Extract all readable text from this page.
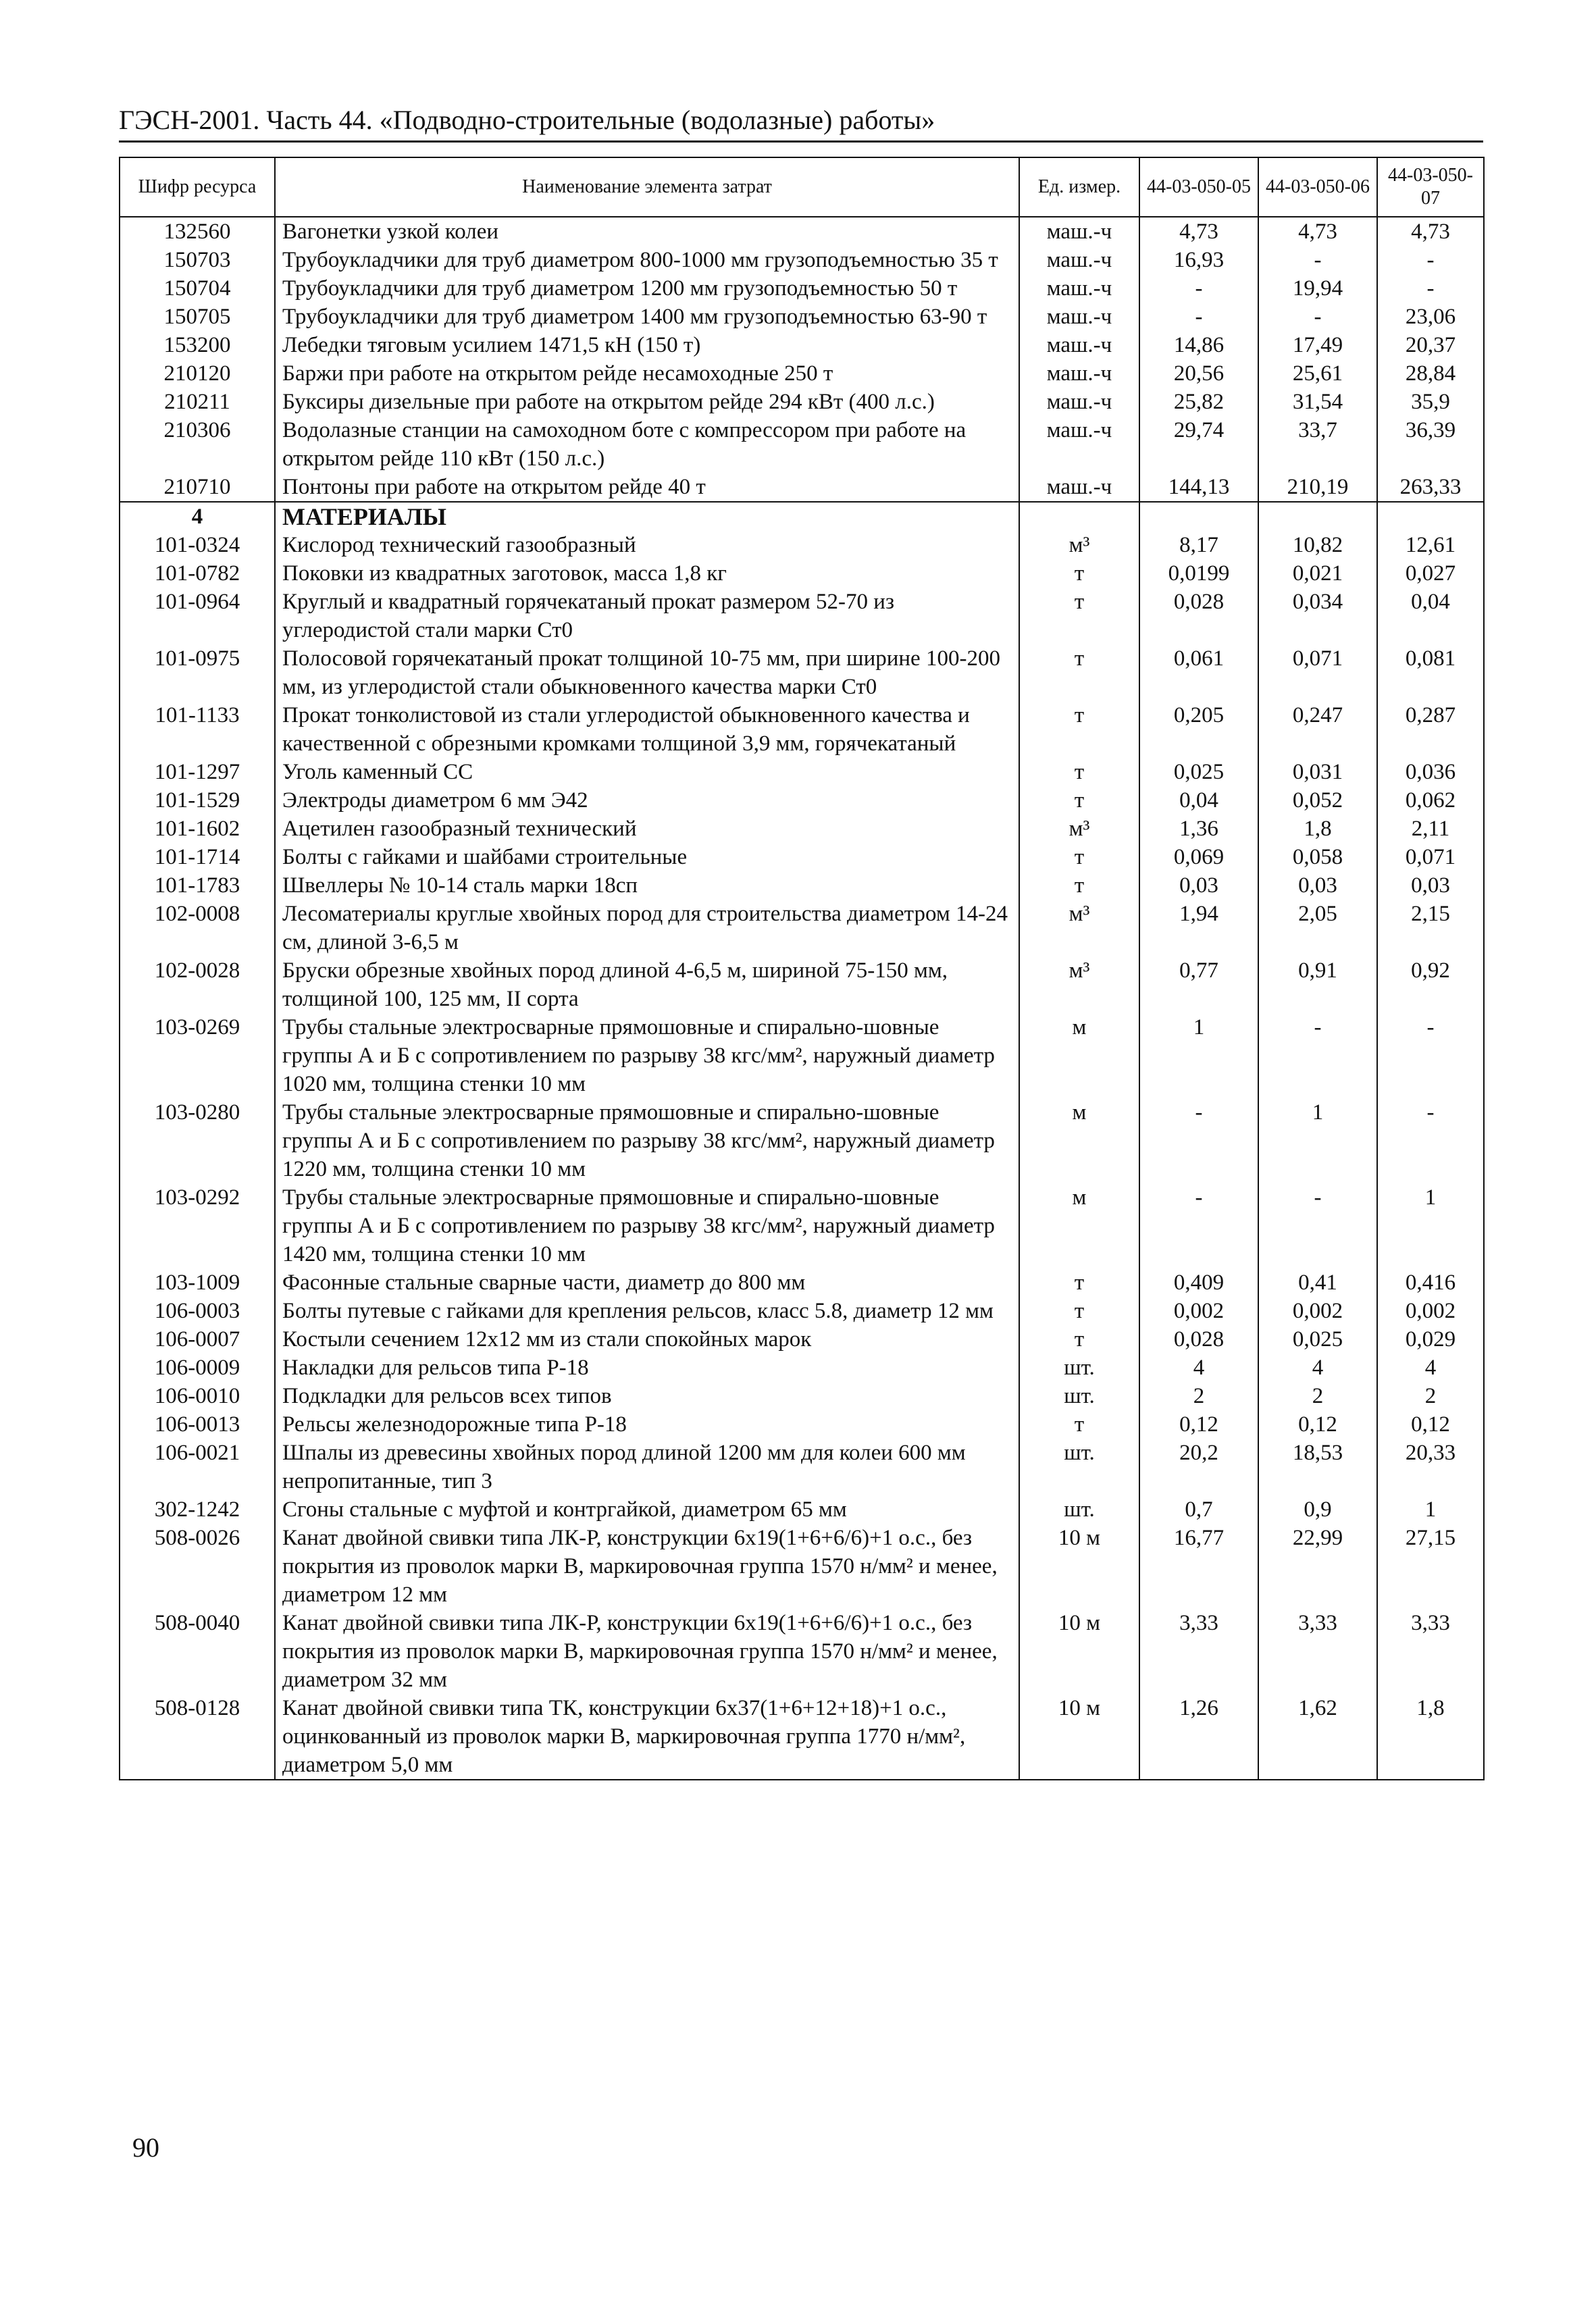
ГЭСН-2001. Часть 44. «Подводно-строительные (водолазные) работы»
Шифр ресурса	Наименование элемента затрат	Ед. измер.	44-03-050-05	44-03-050-06	44-03-050-07
132560	Вагонетки узкой колеи	маш.-ч	4,73	4,73	4,73
150703	Трубоукладчики для труб диаметром 800-1000 мм грузоподъемностью 35 т	маш.-ч	16,93	-	-
150704	Трубоукладчики для труб диаметром 1200 мм грузоподъемностью 50 т	маш.-ч	-	19,94	-
150705	Трубоукладчики для труб диаметром 1400 мм грузоподъемностью 63-90 т	маш.-ч	-	-	23,06
153200	Лебедки тяговым усилием 1471,5 кН (150 т)	маш.-ч	14,86	17,49	20,37
210120	Баржи при работе на открытом рейде несамоходные 250 т	маш.-ч	20,56	25,61	28,84
210211	Буксиры дизельные при работе на открытом рейде 294 кВт (400 л.с.)	маш.-ч	25,82	31,54	35,9
210306	Водолазные станции на самоходном боте с компрессором при работе на открытом рейде 110 кВт (150 л.с.)	маш.-ч	29,74	33,7	36,39
210710	Понтоны при работе на открытом рейде 40 т	маш.-ч	144,13	210,19	263,33
4	МАТЕРИАЛЫ				
101-0324	Кислород технический газообразный	м³	8,17	10,82	12,61
101-0782	Поковки из квадратных заготовок, масса 1,8 кг	т	0,0199	0,021	0,027
101-0964	Круглый и квадратный горячекатаный прокат размером 52-70 из углеродистой стали марки Ст0	т	0,028	0,034	0,04
101-0975	Полосовой горячекатаный прокат толщиной 10-75 мм, при ширине 100-200 мм, из углеродистой стали обыкновенного качества марки Ст0	т	0,061	0,071	0,081
101-1133	Прокат тонколистовой из стали углеродистой обыкновенного качества и качественной с обрезными кромками толщиной 3,9 мм, горячекатаный	т	0,205	0,247	0,287
101-1297	Уголь каменный СС	т	0,025	0,031	0,036
101-1529	Электроды диаметром 6 мм Э42	т	0,04	0,052	0,062
101-1602	Ацетилен газообразный технический	м³	1,36	1,8	2,11
101-1714	Болты с гайками и шайбами строительные	т	0,069	0,058	0,071
101-1783	Швеллеры № 10-14 сталь марки 18сп	т	0,03	0,03	0,03
102-0008	Лесоматериалы круглые хвойных пород для строительства диаметром 14-24 см, длиной 3-6,5 м	м³	1,94	2,05	2,15
102-0028	Бруски обрезные хвойных пород длиной 4-6,5 м, шириной 75-150 мм, толщиной 100, 125 мм, II сорта	м³	0,77	0,91	0,92
103-0269	Трубы стальные электросварные прямошовные и спирально-шовные группы А и Б с сопротивлением по разрыву 38 кгс/мм², наружный диаметр 1020 мм, толщина стенки 10 мм	м	1	-	-
103-0280	Трубы стальные электросварные прямошовные и спирально-шовные группы А и Б с сопротивлением по разрыву 38 кгс/мм², наружный диаметр 1220 мм, толщина стенки 10 мм	м	-	1	-
103-0292	Трубы стальные электросварные прямошовные и спирально-шовные группы А и Б с сопротивлением по разрыву 38 кгс/мм², наружный диаметр 1420 мм, толщина стенки 10 мм	м	-	-	1
103-1009	Фасонные стальные сварные части, диаметр до 800 мм	т	0,409	0,41	0,416
106-0003	Болты путевые с гайками для крепления рельсов, класс 5.8, диаметр 12 мм	т	0,002	0,002	0,002
106-0007	Костыли сечением 12х12 мм из стали спокойных марок	т	0,028	0,025	0,029
106-0009	Накладки для рельсов типа Р-18	шт.	4	4	4
106-0010	Подкладки для рельсов всех типов	шт.	2	2	2
106-0013	Рельсы железнодорожные типа Р-18	т	0,12	0,12	0,12
106-0021	Шпалы из древесины хвойных пород длиной 1200 мм для колеи 600 мм непропитанные, тип 3	шт.	20,2	18,53	20,33
302-1242	Сгоны стальные с муфтой и контргайкой, диаметром 65 мм	шт.	0,7	0,9	1
508-0026	Канат двойной свивки типа ЛК-Р, конструкции 6х19(1+6+6/6)+1 о.с., без покрытия из проволок марки В, маркировочная группа 1570 н/мм² и менее, диаметром 12 мм	10 м	16,77	22,99	27,15
508-0040	Канат двойной свивки типа ЛК-Р, конструкции 6х19(1+6+6/6)+1 о.с., без покрытия из проволок марки В, маркировочная группа 1570 н/мм² и менее, диаметром 32 мм	10 м	3,33	3,33	3,33
508-0128	Канат двойной свивки типа ТК, конструкции 6х37(1+6+12+18)+1 о.с., оцинкованный из проволок марки В, маркировочная группа 1770 н/мм², диаметром 5,0 мм	10 м	1,26	1,62	1,8
90
